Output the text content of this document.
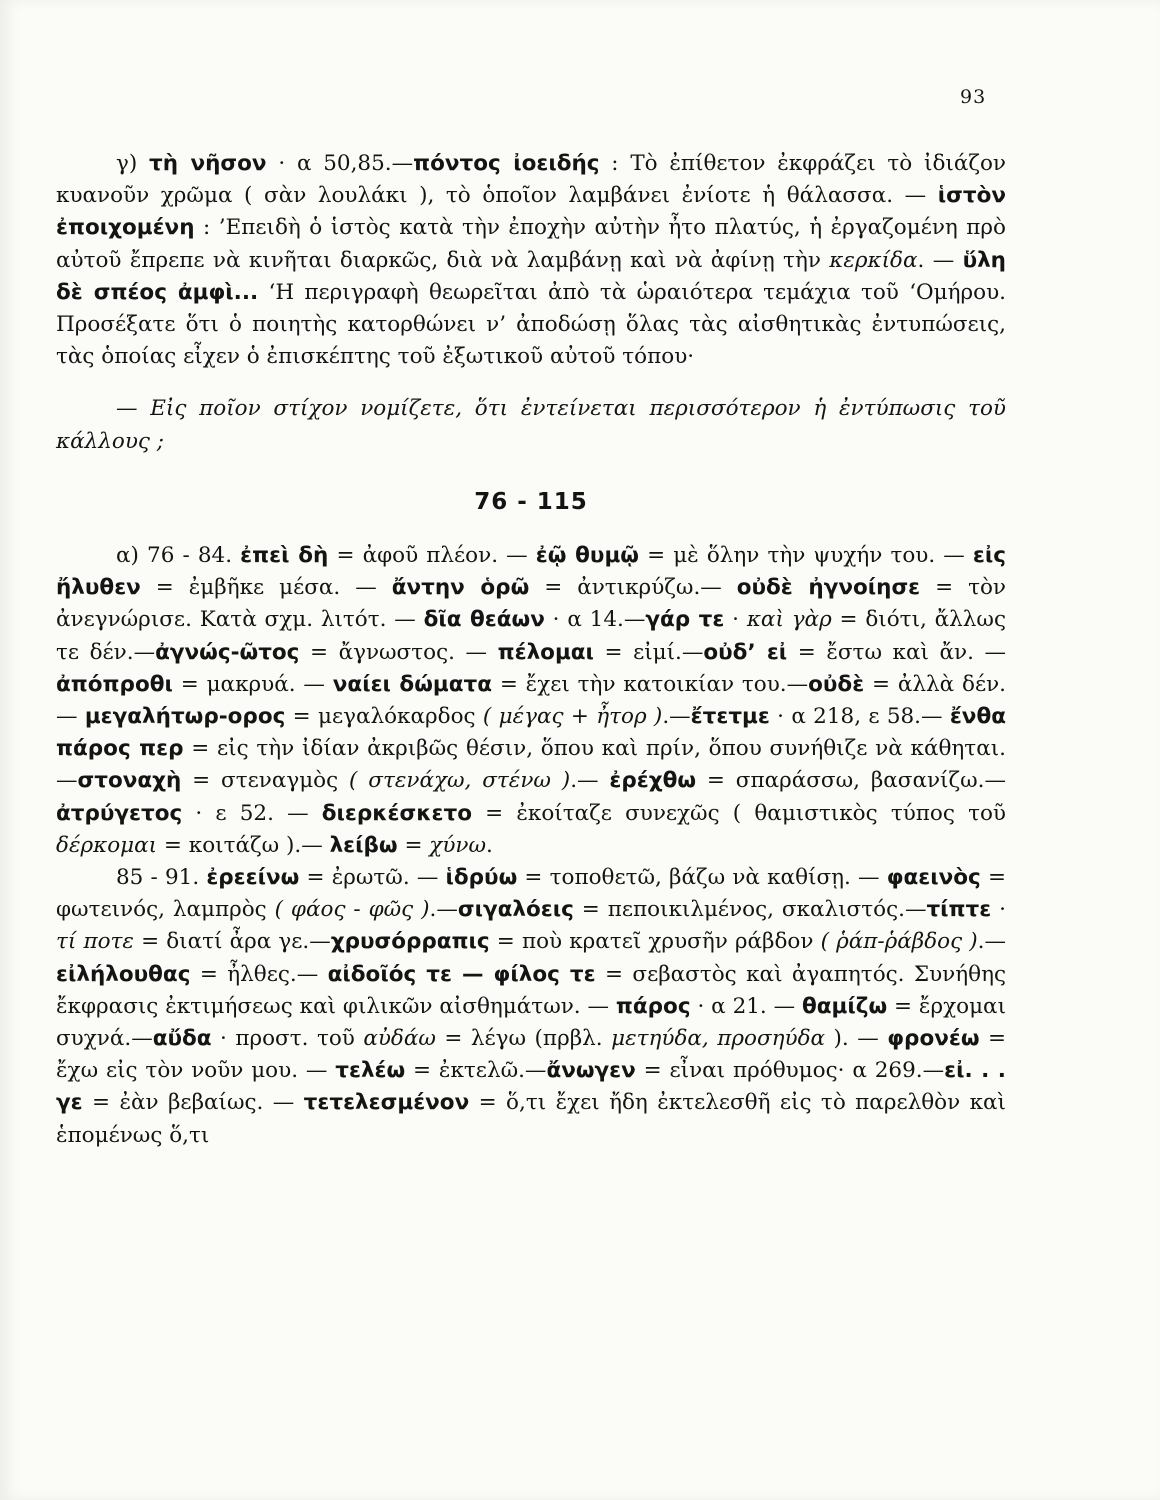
93

γ) τὴ νῆσον · α 50,85.—πόντος ἰοειδής : Τὸ ἐπίθετον ἐκφράζει τὸ ἰδιάζον κυανοῦν χρῶμα ( σὰν λουλάκι ), τὸ ὁποῖον λαμβάνει ἐνίοτε ἡ θάλασσα. — ἱστὸν ἐποιχομένη : ’Επειδὴ ὁ ἱστὸς κατὰ τὴν ἐποχὴν αὐτὴν ἦτο πλατύς, ἡ ἐργαζομένη πρὸ αὐτοῦ ἔπρεπε νὰ κινῆται διαρκῶς, διὰ νὰ λαμβάνῃ καὶ νὰ ἀφίνῃ τὴν κερκίδα. — ὕλη δὲ σπέος ἀμφὶ... ‘Η περιγραφὴ θεωρεῖται ἀπὸ τὰ ὡραιότερα τεμάχια τοῦ ‘Ομήρου. Προσέξατε ὅτι ὁ ποιητὴς κατορθώνει ν’ ἀποδώσῃ ὅλας τὰς αἰσθητικὰς ἐντυπώσεις, τὰς ὁποίας εἶχεν ὁ ἐπισκέπτης τοῦ ἐξωτικοῦ αὐτοῦ τόπου·

— Εἰς ποῖον στίχον νομίζετε, ὅτι ἐντείνεται περισσότερον ἡ ἐντύπωσις τοῦ κάλλους ;

76 - 115

α) 76 - 84. ἐπεὶ δὴ = ἀφοῦ πλέον. — ἐῷ θυμῷ = μὲ ὅλην τὴν ψυχήν του. — εἰς ἤλυθεν = ἐμβῆκε μέσα. — ἄντην ὁρῶ = ἀντικρύζω.— οὐδὲ ἠγνοίησε = τὸν ἀνεγνώρισε. Κατὰ σχμ. λιτότ. — δῖα θεάων · α 14.—γάρ τε · καὶ γὰρ = διότι, ἄλλως τε δέν.—ἀγνώς-ῶτος = ἄγνωστος. — πέλομαι = εἰμί.—οὐδ’ εἰ = ἔστω καὶ ἄν. — ἀπόπροθι = μακρυά. — ναίει δώματα = ἔχει τὴν κατοικίαν του.—οὐδὲ = ἀλλὰ δέν.— μεγαλήτωρ-ορος = μεγαλόκαρδος ( μέγας + ἦτορ ).—ἔτετμε · α 218, ε 58.— ἔνθα πάρος περ = εἰς τὴν ἰδίαν ἀκριβῶς θέσιν, ὅπου καὶ πρίν, ὅπου συνήθιζε νὰ κάθηται.—στοναχὴ = στεναγμὸς ( στενάχω, στένω ).— ἐρέχθω = σπαράσσω, βασανίζω.—ἀτρύγετος · ε 52. — διερκέσκετο = ἐκοίταζε συνεχῶς ( θαμιστικὸς τύπος τοῦ δέρκομαι = κοιτάζω ).— λείβω = χύνω.

85 - 91. ἐρεείνω = ἐρωτῶ. — ἱδρύω = τοποθετῶ, βάζω νὰ καθίσῃ. — φαεινὸς = φωτεινός, λαμπρὸς ( φάος - φῶς ).—σιγαλόεις = πεποικιλμένος, σκαλιστός.—τίπτε · τί ποτε = διατί ἆρα γε.—χρυσόρραπις = ποὺ κρατεῖ χρυσῆν ράβδον ( ῥάπ-ῥάβδος ).—εἰλήλουθας = ἦλθες.— αἰδοῖός τε — φίλος τε = σεβαστὸς καὶ ἀγαπητός. Συνήθης ἔκφρασις ἐκτιμήσεως καὶ φιλικῶν αἰσθημάτων. — πάρος · α 21. — θαμίζω = ἔρχομαι συχνά.—αὔδα · προστ. τοῦ αὐδάω = λέγω (πρβλ. μετηύδα, προσηύδα ). — φρονέω = ἔχω εἰς τὸν νοῦν μου. — τελέω = ἐκτελῶ.—ἄνωγεν = εἶναι πρόθυμος· α 269.—εἰ. . . γε = ἐὰν βεβαίως. — τετελεσμένον = ὅ,τι ἔχει ἤδη ἐκτελεσθῆ εἰς τὸ παρελθὸν καὶ ἑπομένως ὅ,τι
